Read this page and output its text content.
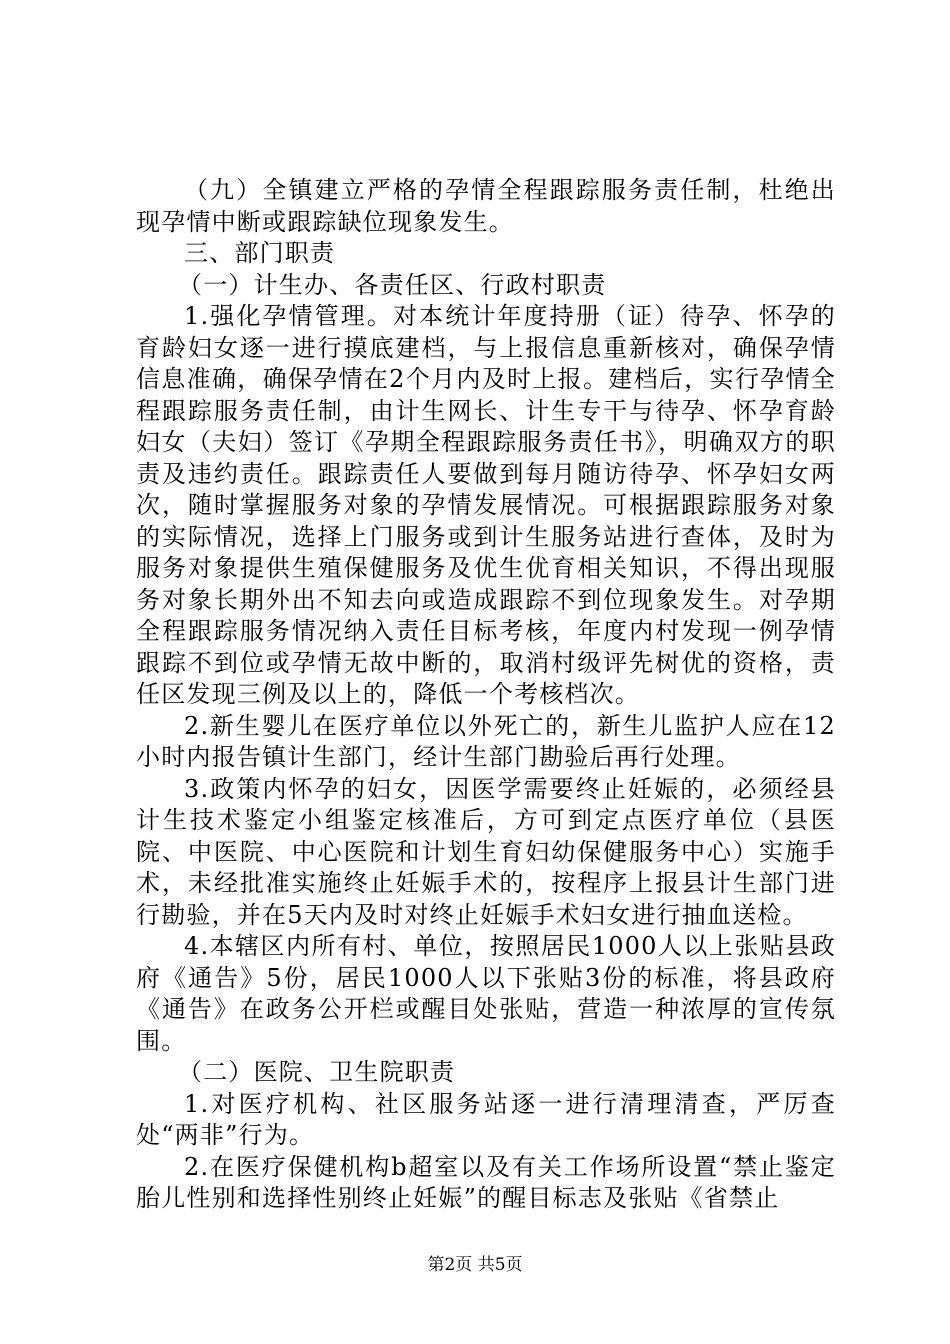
（九）全镇建立严格的孕情全程跟踪服务责任制，杜绝出现孕情中断或跟踪缺位现象发生。

三、部门职责

（一）计生办、各责任区、行政村职责

1.强化孕情管理。对本统计年度持册（证）待孕、怀孕的育龄妇女逐一进行摸底建档，与上报信息重新核对，确保孕情信息准确，确保孕情在2个月内及时上报。建档后，实行孕情全程跟踪服务责任制，由计生网长、计生专干与待孕、怀孕育龄妇女（夫妇）签订《孕期全程跟踪服务责任书》，明确双方的职责及违约责任。跟踪责任人要做到每月随访待孕、怀孕妇女两次，随时掌握服务对象的孕情发展情况。可根据跟踪服务对象的实际情况，选择上门服务或到计生服务站进行查体，及时为服务对象提供生殖保健服务及优生优育相关知识，不得出现服务对象长期外出不知去向或造成跟踪不到位现象发生。对孕期全程跟踪服务情况纳入责任目标考核，年度内村发现一例孕情跟踪不到位或孕情无故中断的，取消村级评先树优的资格，责任区发现三例及以上的，降低一个考核档次。

2.新生婴儿在医疗单位以外死亡的，新生儿监护人应在12小时内报告镇计生部门，经计生部门勘验后再行处理。

3.政策内怀孕的妇女，因医学需要终止妊娠的，必须经县计生技术鉴定小组鉴定核准后，方可到定点医疗单位（县医院、中医院、中心医院和计划生育妇幼保健服务中心）实施手术，未经批准实施终止妊娠手术的，按程序上报县计生部门进行勘验，并在5天内及时对终止妊娠手术妇女进行抽血送检。

4.本辖区内所有村、单位，按照居民1000人以上张贴县政府《通告》5份，居民1000人以下张贴3份的标准，将县政府《通告》在政务公开栏或醒目处张贴，营造一种浓厚的宣传氛围。

（二）医院、卫生院职责

1.对医疗机构、社区服务站逐一进行清理清查，严厉查处“两非”行为。

2.在医疗保健机构b超室以及有关工作场所设置“禁止鉴定胎儿性别和选择性别终止妊娠”的醒目标志及张贴《省禁止

第2页 共5页
